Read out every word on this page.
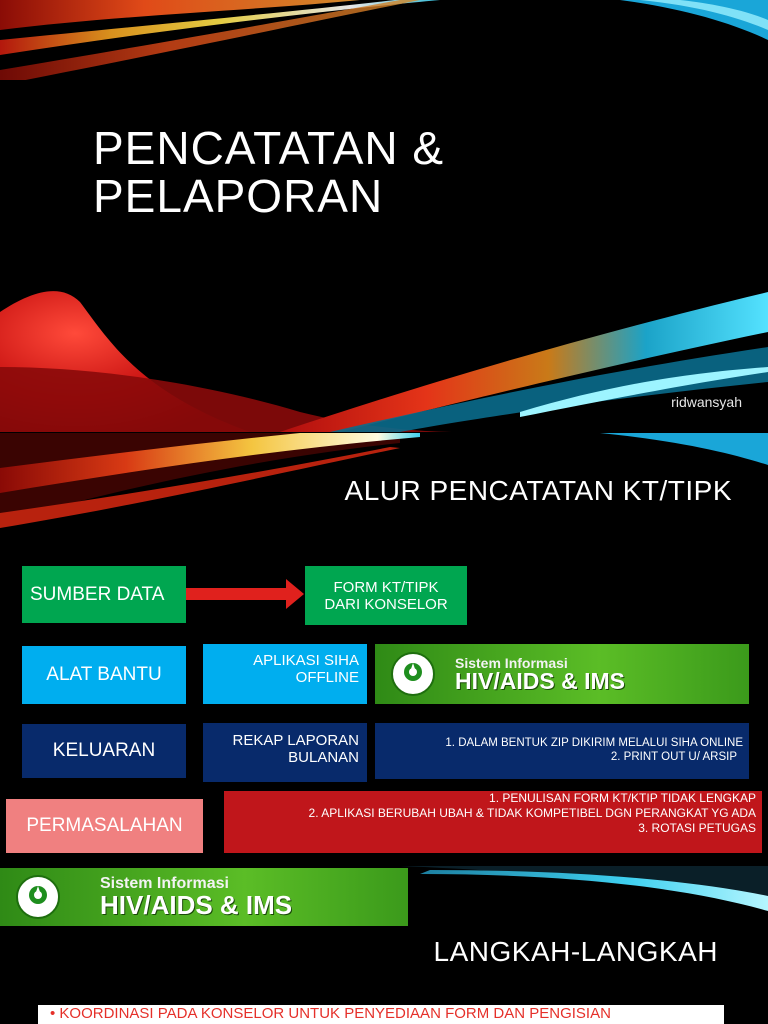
PENCATATAN &
PELAPORAN
ridwansyah
ALUR PENCATATAN KT/TIPK
SUMBER DATA	FORM KT/TIPK
DARI KONSELOR
ALAT BANTU
APLIKASI SIHA
OFFLINE
Sistem Informasi
HIV/AIDS & IMS
KELUARAN	REKAP LAPORAN
BULANAN
1. DALAM BENTUK ZIP DIKIRIM MELALUI SIHA ONLINE
2. PRINT OUT U/ ARSIP
PERMASALAHAN
1. PENULISAN FORM KT/KTIP TIDAK LENGKAP
2. APLIKASI BERUBAH UBAH & TIDAK KOMPETIBEL DGN PERANGKAT YG ADA
3. ROTASI PETUGAS
Sistem Informasi
HIV/AIDS & IMS
LANGKAH-LANGKAH
• KOORDINASI PADA KONSELOR UNTUK PENYEDIAAN FORM DAN PENGISIAN
